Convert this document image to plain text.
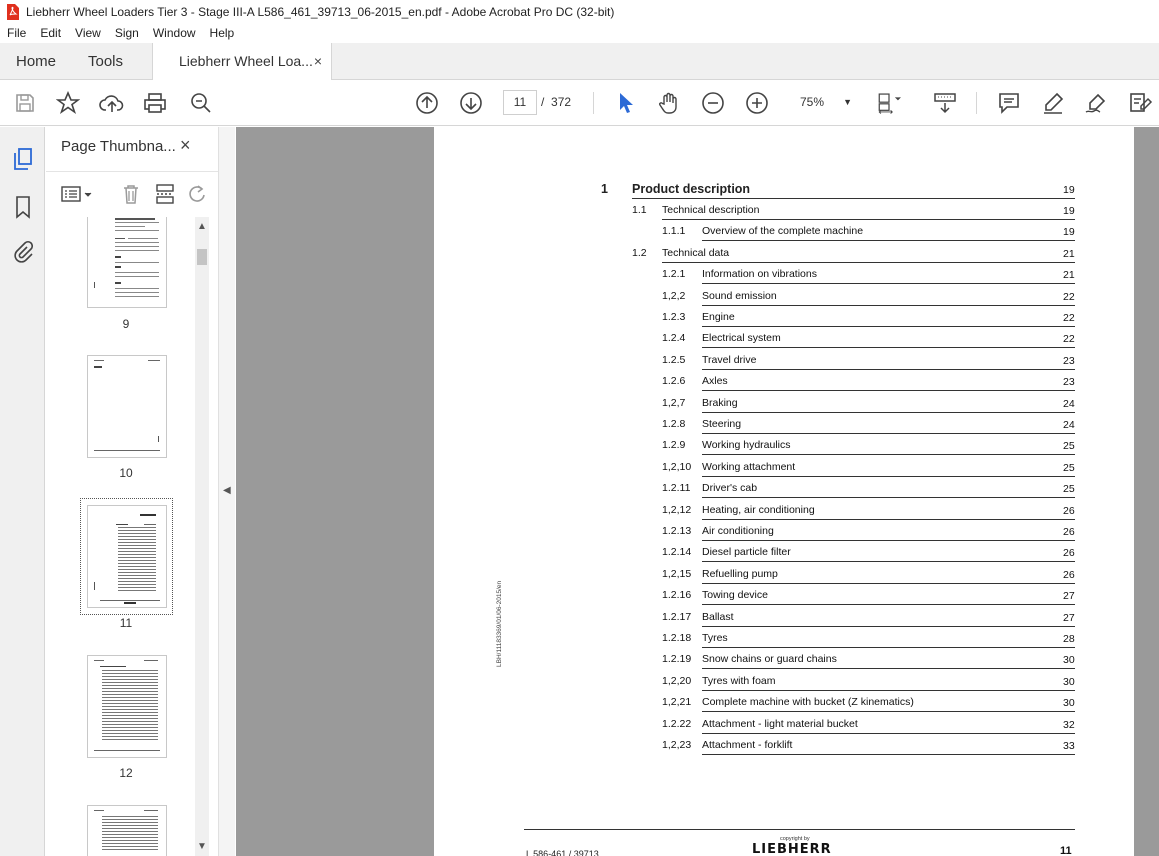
Liebherr Wheel Loaders Tier 3 - Stage III-A L586_461_39713_06-2015_en.pdf - Adobe Acrobat Pro DC (32-bit)
File	Edit	View	Sign	Window	Help
Home Tools	Liebherr Wheel Loa... ×
11	/ 372	75% ▼
Page Thumbna... ×
9
10
11
12
▲
▼
◀
1 Product description	19
1.1 Technical description	19
1.1.1 Overview of the complete machine	19
1.2 Technical data	21
1.2.1 Information on vibrations	21
1,2,2 Sound emission	22
1.2.3 Engine	22
1.2.4 Electrical system	22
1.2.5 Travel drive	23
1.2.6 Axles	23
1,2,7 Braking	24
1.2.8 Steering	24
1.2.9 Working hydraulics	25
1,2,10 Working attachment	25
1.2.11 Driver's cab	25
1,2,12 Heating, air conditioning	26
1.2.13 Air conditioning	26
1.2.14 Diesel particle filter	26
1,2,15 Refuelling pump	26
1.2.16 Towing device	27
1.2.17 Ballast	27
1.2.18 Tyres	28
1.2.19 Snow chains or guard chains	30
1,2,20 Tyres with foam	30
1,2,21 Complete machine with bucket (Z kinematics)	30
1.2.22 Attachment - light material bucket	32
1,2,23 Attachment - forklift	33
LBH/11183369/01/06-2015/en
copyright by
LIEBHERR
L 586-461 / 39713	11
